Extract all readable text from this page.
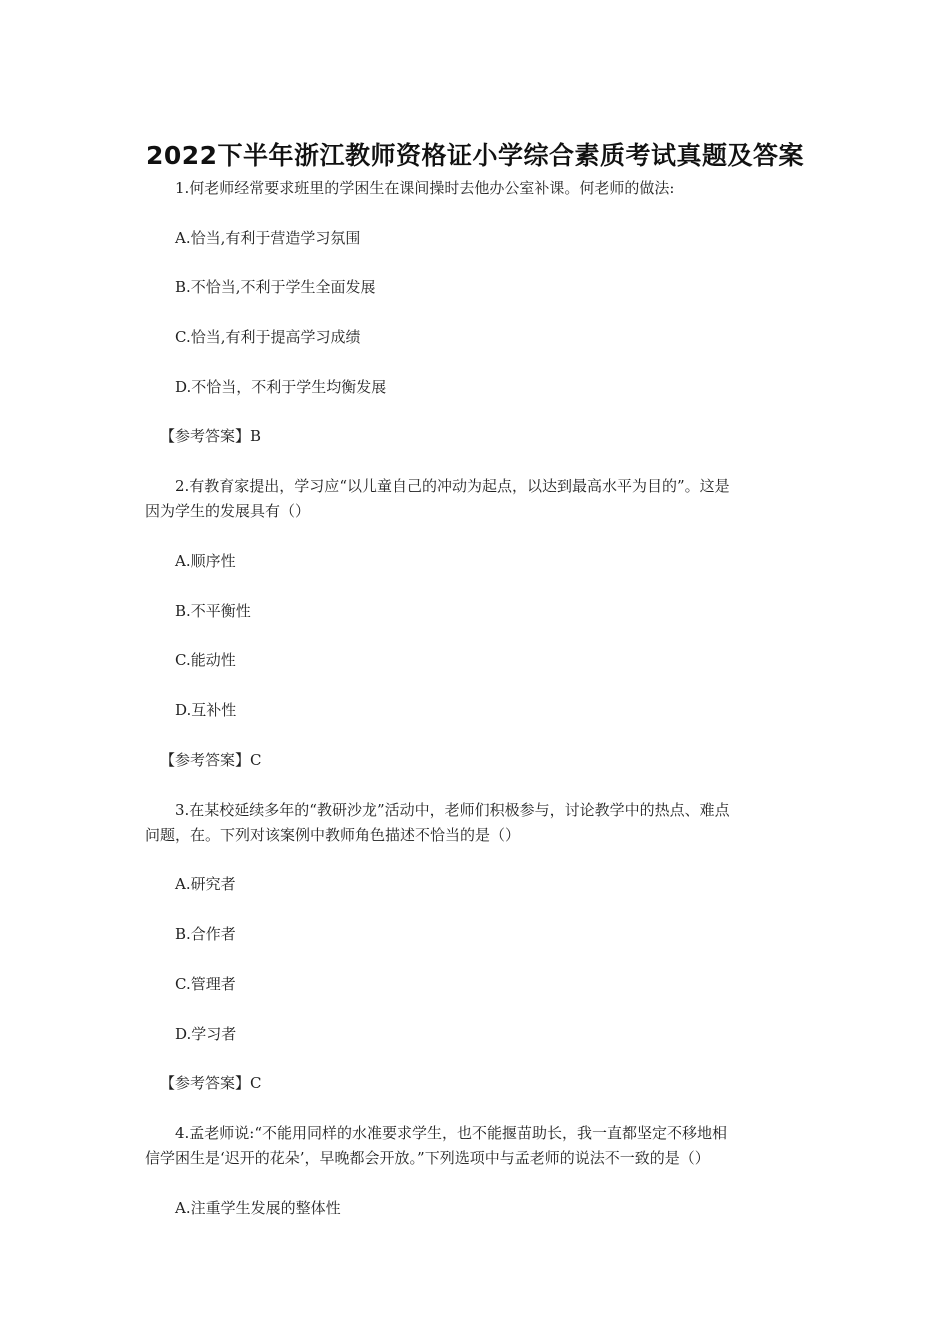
2022下半年浙江教师资格证小学综合素质考试真题及答案
1.何老师经常要求班里的学困生在课间操时去他办公室补课。何老师的做法:
A.恰当,有利于营造学习氛围
B.不恰当,不利于学生全面发展
C.恰当,有利于提高学习成绩
D.不恰当，不利于学生均衡发展
【参考答案】B
2.有教育家提出，学习应“以儿童自己的冲动为起点，以达到最高水平为目的”。这是
因为学生的发展具有（）
A.顺序性
B.不平衡性
C.能动性
D.互补性
【参考答案】C
3.在某校延续多年的“教研沙龙”活动中，老师们积极参与，讨论教学中的热点、难点
问题，在。下列对该案例中教师角色描述不恰当的是（）
A.研究者
B.合作者
C.管理者
D.学习者
【参考答案】C
4.孟老师说:“不能用同样的水准要求学生，也不能揠苗助长，我一直都坚定不移地相
信学困生是‘迟开的花朵’，早晚都会开放。”下列选项中与孟老师的说法不一致的是（）
A.注重学生发展的整体性
